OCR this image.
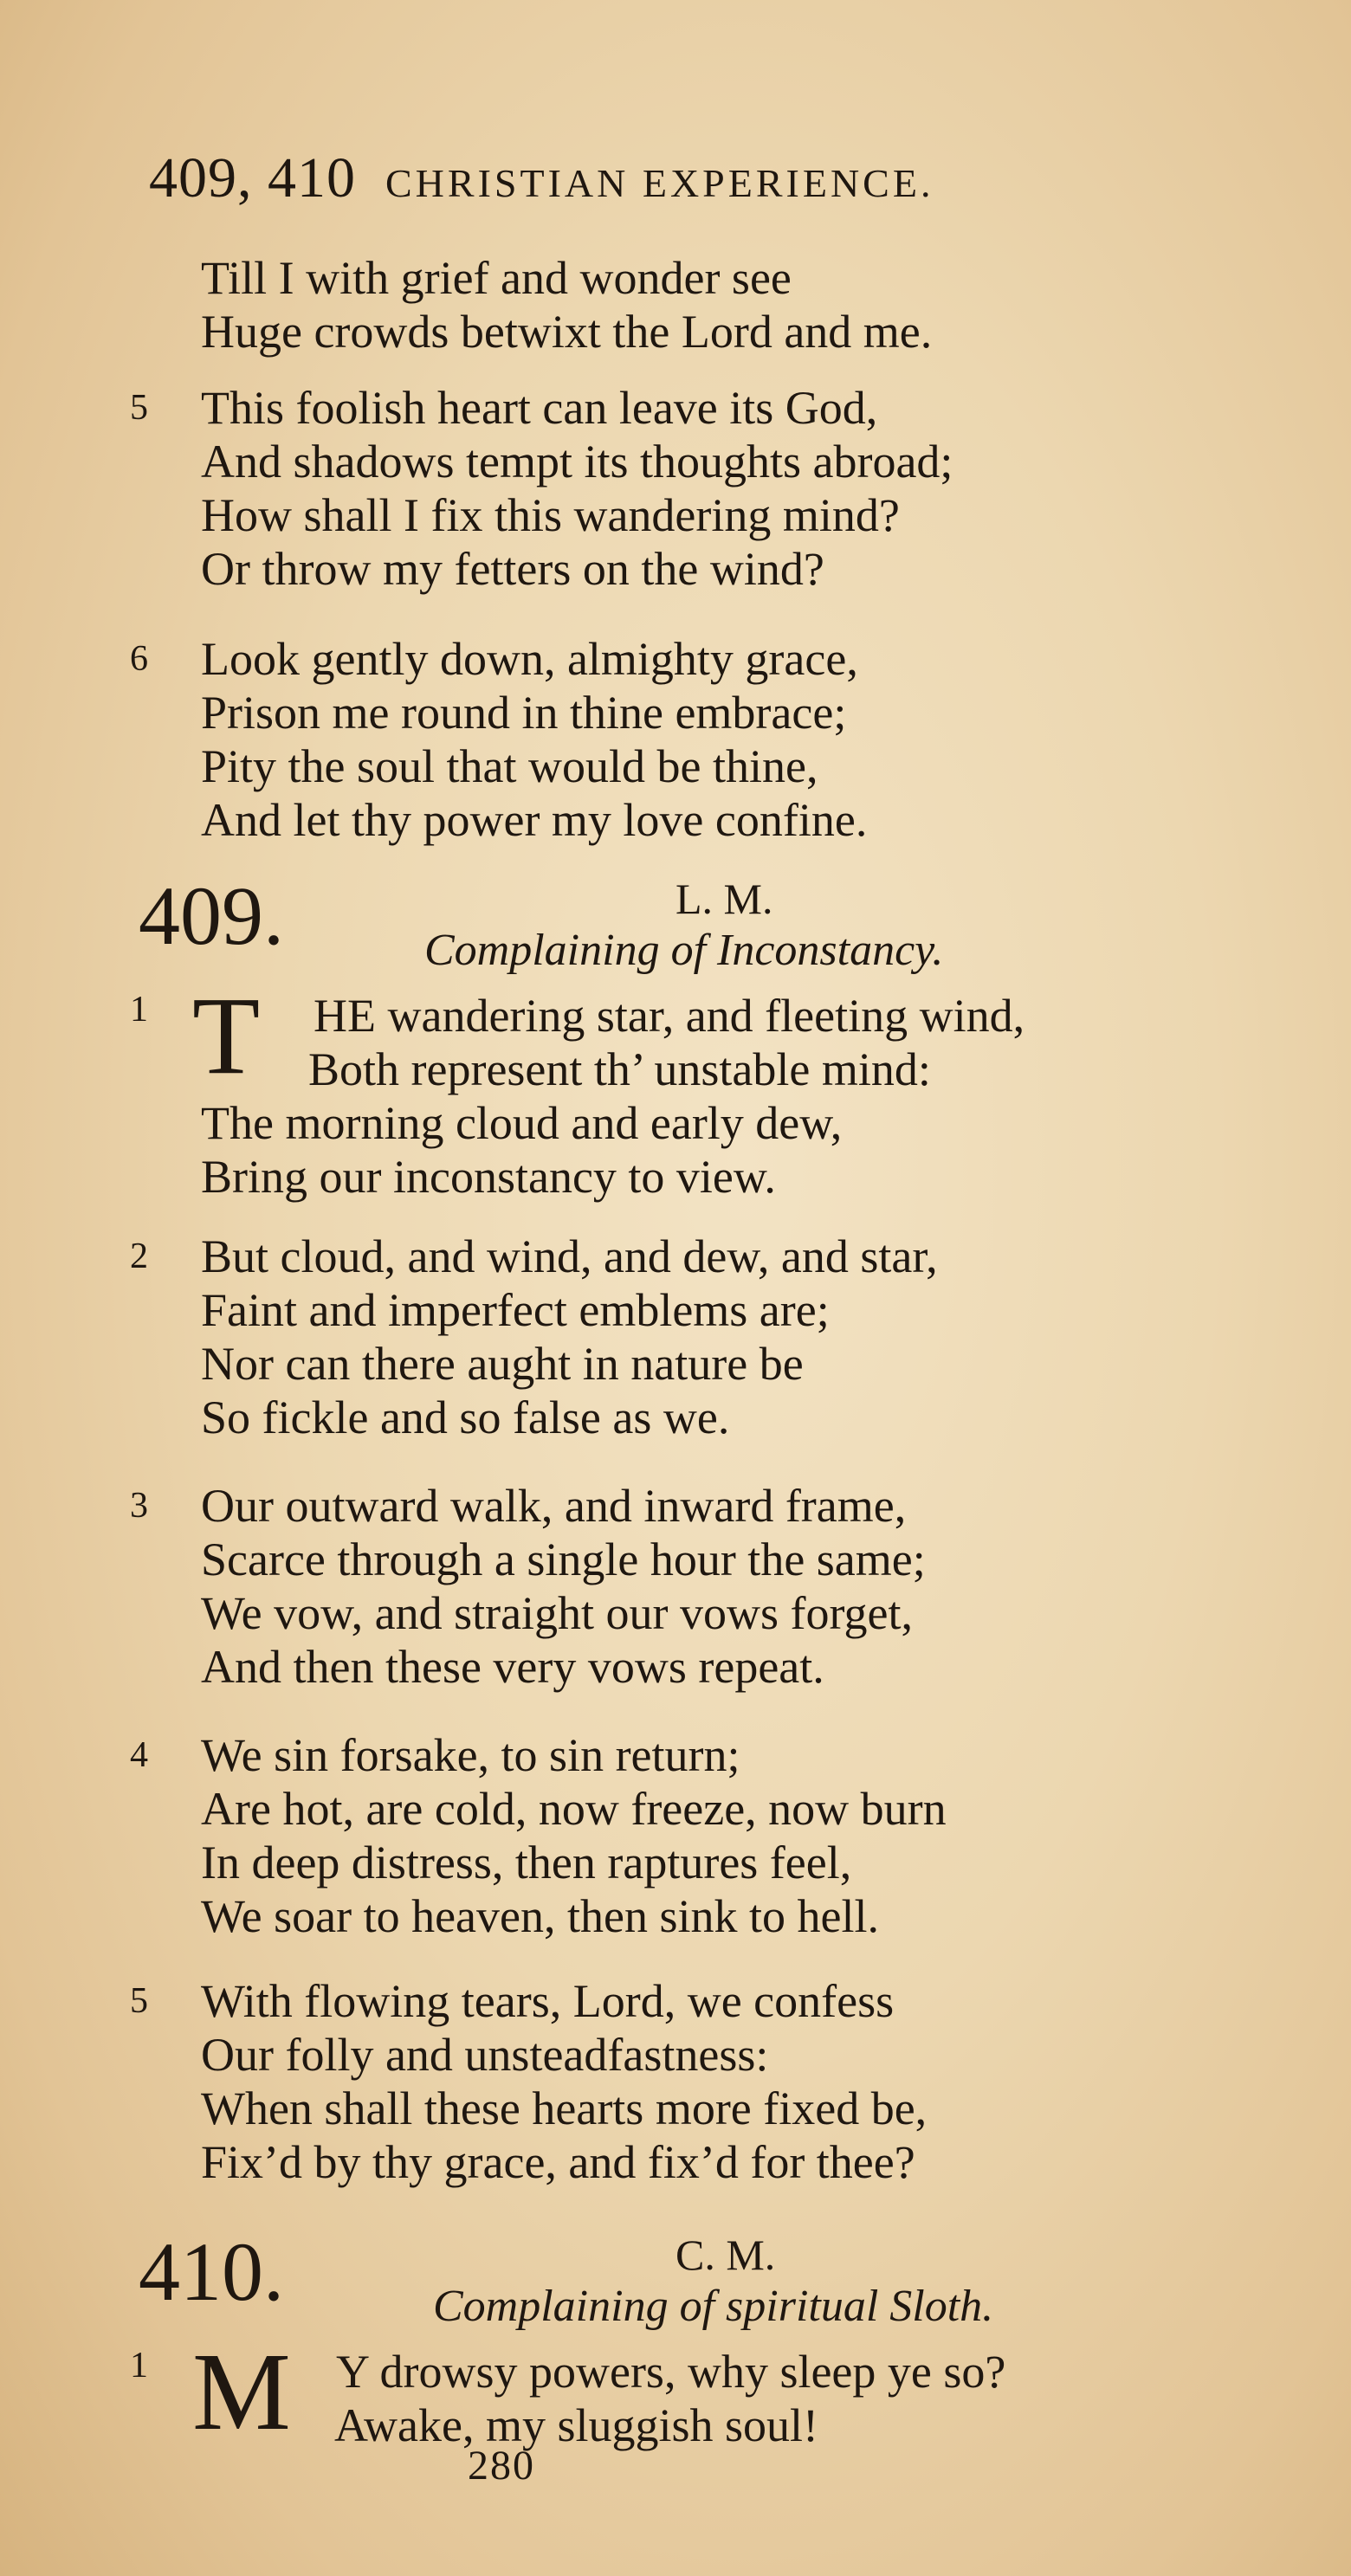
409, 410 CHRISTIAN EXPERIENCE.
Till I with grief and wonder see
Huge crowds betwixt the Lord and me.
5	This foolish heart can leave its God,
And shadows tempt its thoughts abroad;
How shall I fix this wandering mind?
Or throw my fetters on the wind?
6	Look gently down, almighty grace,
Prison me round in thine embrace;
Pity the soul that would be thine,
And let thy power my love confine.
409.	L. M.
Complaining of Inconstancy.
1 T HE wandering star, and fleeting wind,
Both represent th’ unstable mind:
The morning cloud and early dew,
Bring our inconstancy to view.
2	But cloud, and wind, and dew, and star,
Faint and imperfect emblems are;
Nor can there aught in nature be
So fickle and so false as we.
3	Our outward walk, and inward frame,
Scarce through a single hour the same;
We vow, and straight our vows forget,
And then these very vows repeat.
4	We sin forsake, to sin return;
Are hot, are cold, now freeze, now burn
In deep distress, then raptures feel,
We soar to heaven, then sink to hell.
5	With flowing tears, Lord, we confess
Our folly and unsteadfastness:
When shall these hearts more fixed be,
Fix’d by thy grace, and fix’d for thee?
410.	C. M.
Complaining of spiritual Sloth.
1 M Y drowsy powers, why sleep ye so?
Awake, my sluggish soul!
280
